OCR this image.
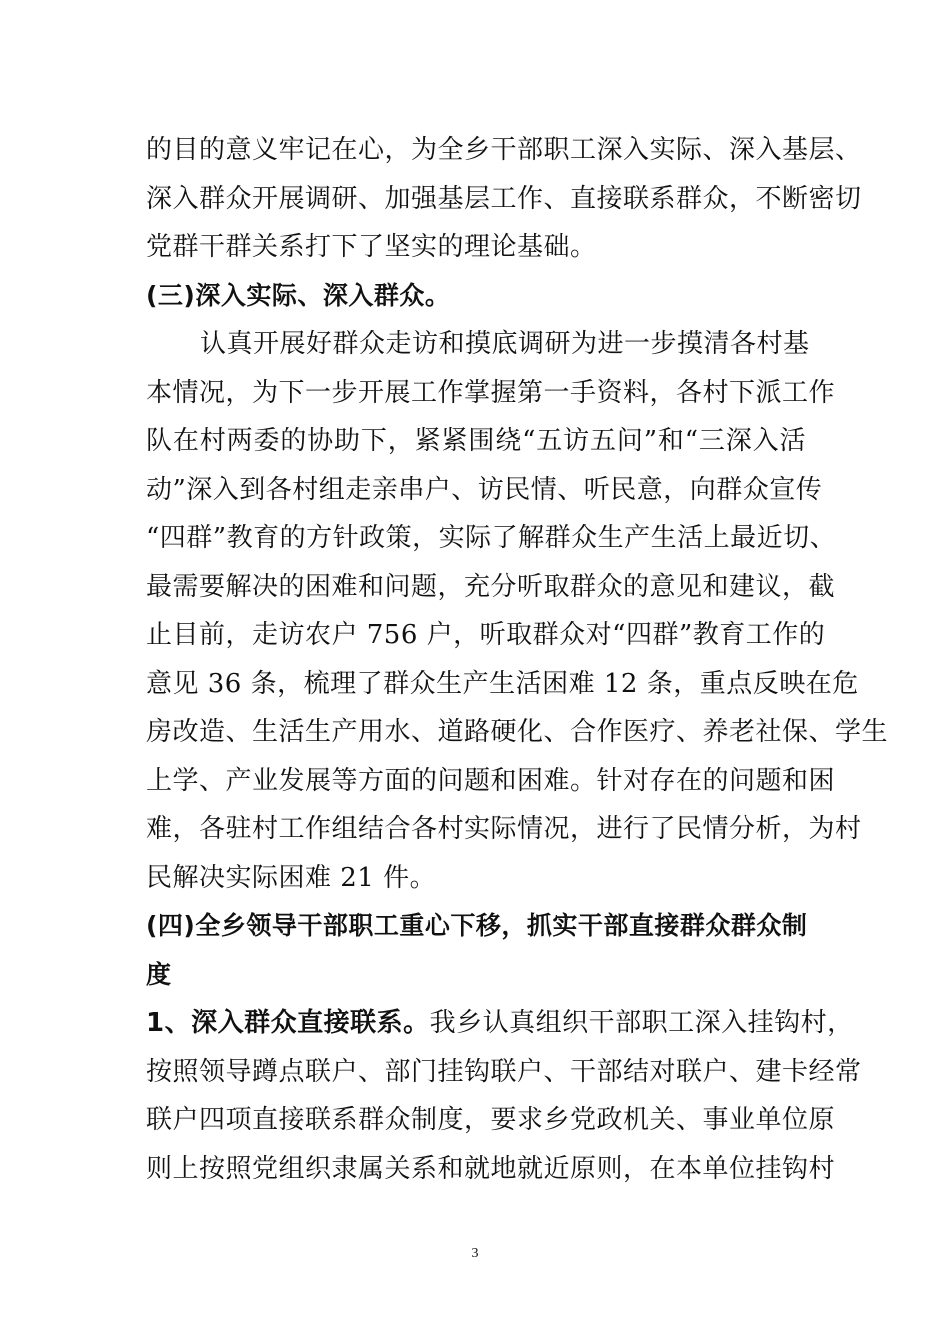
的目的意义牢记在心，为全乡干部职工深入实际、深入基层、
深入群众开展调研、加强基层工作、直接联系群众，不断密切
党群干群关系打下了坚实的理论基础。
(三)深入实际、深入群众。
认真开展好群众走访和摸底调研为进一步摸清各村基
本情况，为下一步开展工作掌握第一手资料，各村下派工作
队在村两委的协助下，紧紧围绕“五访五问”和“三深入活
动”深入到各村组走亲串户、访民情、听民意，向群众宣传
“四群”教育的方针政策，实际了解群众生产生活上最近切、
最需要解决的困难和问题，充分听取群众的意见和建议，截
止目前，走访农户 756 户，听取群众对“四群”教育工作的
意见 36 条，梳理了群众生产生活困难 12 条，重点反映在危
房改造、生活生产用水、道路硬化、合作医疗、养老社保、学生
上学、产业发展等方面的问题和困难。针对存在的问题和困
难，各驻村工作组结合各村实际情况，进行了民情分析，为村
民解决实际困难 21 件。
(四)全乡领导干部职工重心下移，抓实干部直接群众群众制
度
1、深入群众直接联系。我乡认真组织干部职工深入挂钩村，
按照领导蹲点联户、部门挂钩联户、干部结对联户、建卡经常
联户四项直接联系群众制度，要求乡党政机关、事业单位原
则上按照党组织隶属关系和就地就近原则，在本单位挂钩村
3
